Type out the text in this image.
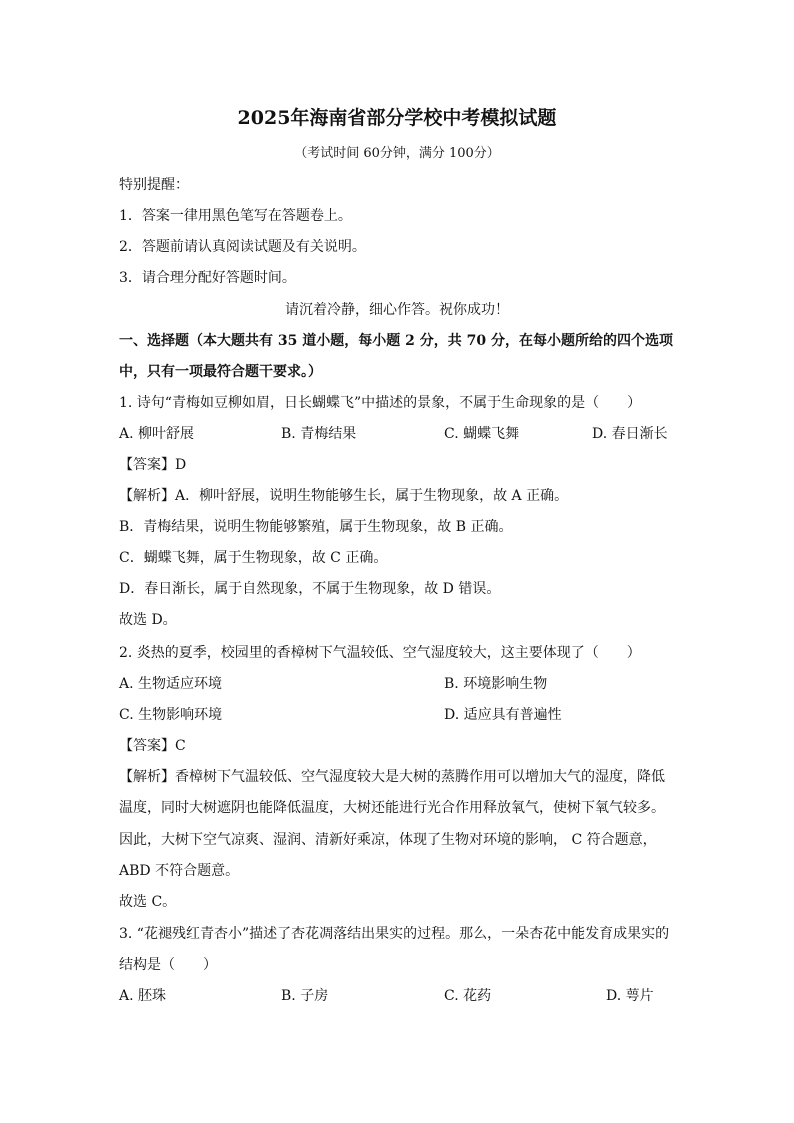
2025年海南省部分学校中考模拟试题
（考试时间 60分钟，满分 100分）
特别提醒：
1．答案一律用黑色笔写在答题卷上。
2．答题前请认真阅读试题及有关说明。
3．请合理分配好答题时间。
请沉着冷静，细心作答。祝你成功！
一、选择题（本大题共有 35 道小题，每小题 2 分，共 70 分，在每小题所给的四个选项
中，只有一项最符合题干要求。）
1. 诗句“青梅如豆柳如眉，日长蝴蝶飞”中描述的景象，不属于生命现象的是（　　）
A. 柳叶舒展	B. 青梅结果	C. 蝴蝶飞舞	D. 春日渐长
【答案】D
【解析】A．柳叶舒展，说明生物能够生长，属于生物现象，故 A 正确。
B．青梅结果，说明生物能够繁殖，属于生物现象，故 B 正确。
C．蝴蝶飞舞，属于生物现象，故 C 正确。
D．春日渐长，属于自然现象，不属于生物现象，故 D 错误。
故选 D。
2. 炎热的夏季，校园里的香樟树下气温较低、空气湿度较大，这主要体现了（　　）
A. 生物适应环境	B. 环境影响生物
C. 生物影响环境	D. 适应具有普遍性
【答案】C
【解析】香樟树下气温较低、空气湿度较大是大树的蒸腾作用可以增加大气的湿度，降低
温度，同时大树遮阴也能降低温度，大树还能进行光合作用释放氧气，使树下氧气较多。
因此，大树下空气凉爽、湿润、清新好乘凉，体现了生物对环境的影响， C 符合题意，
ABD 不符合题意。
故选 C。
3. “花褪残红青杏小”描述了杏花凋落结出果实的过程。那么，一朵杏花中能发育成果实的
结构是（　　）
A. 胚珠	B. 子房	C. 花药	D. 萼片
